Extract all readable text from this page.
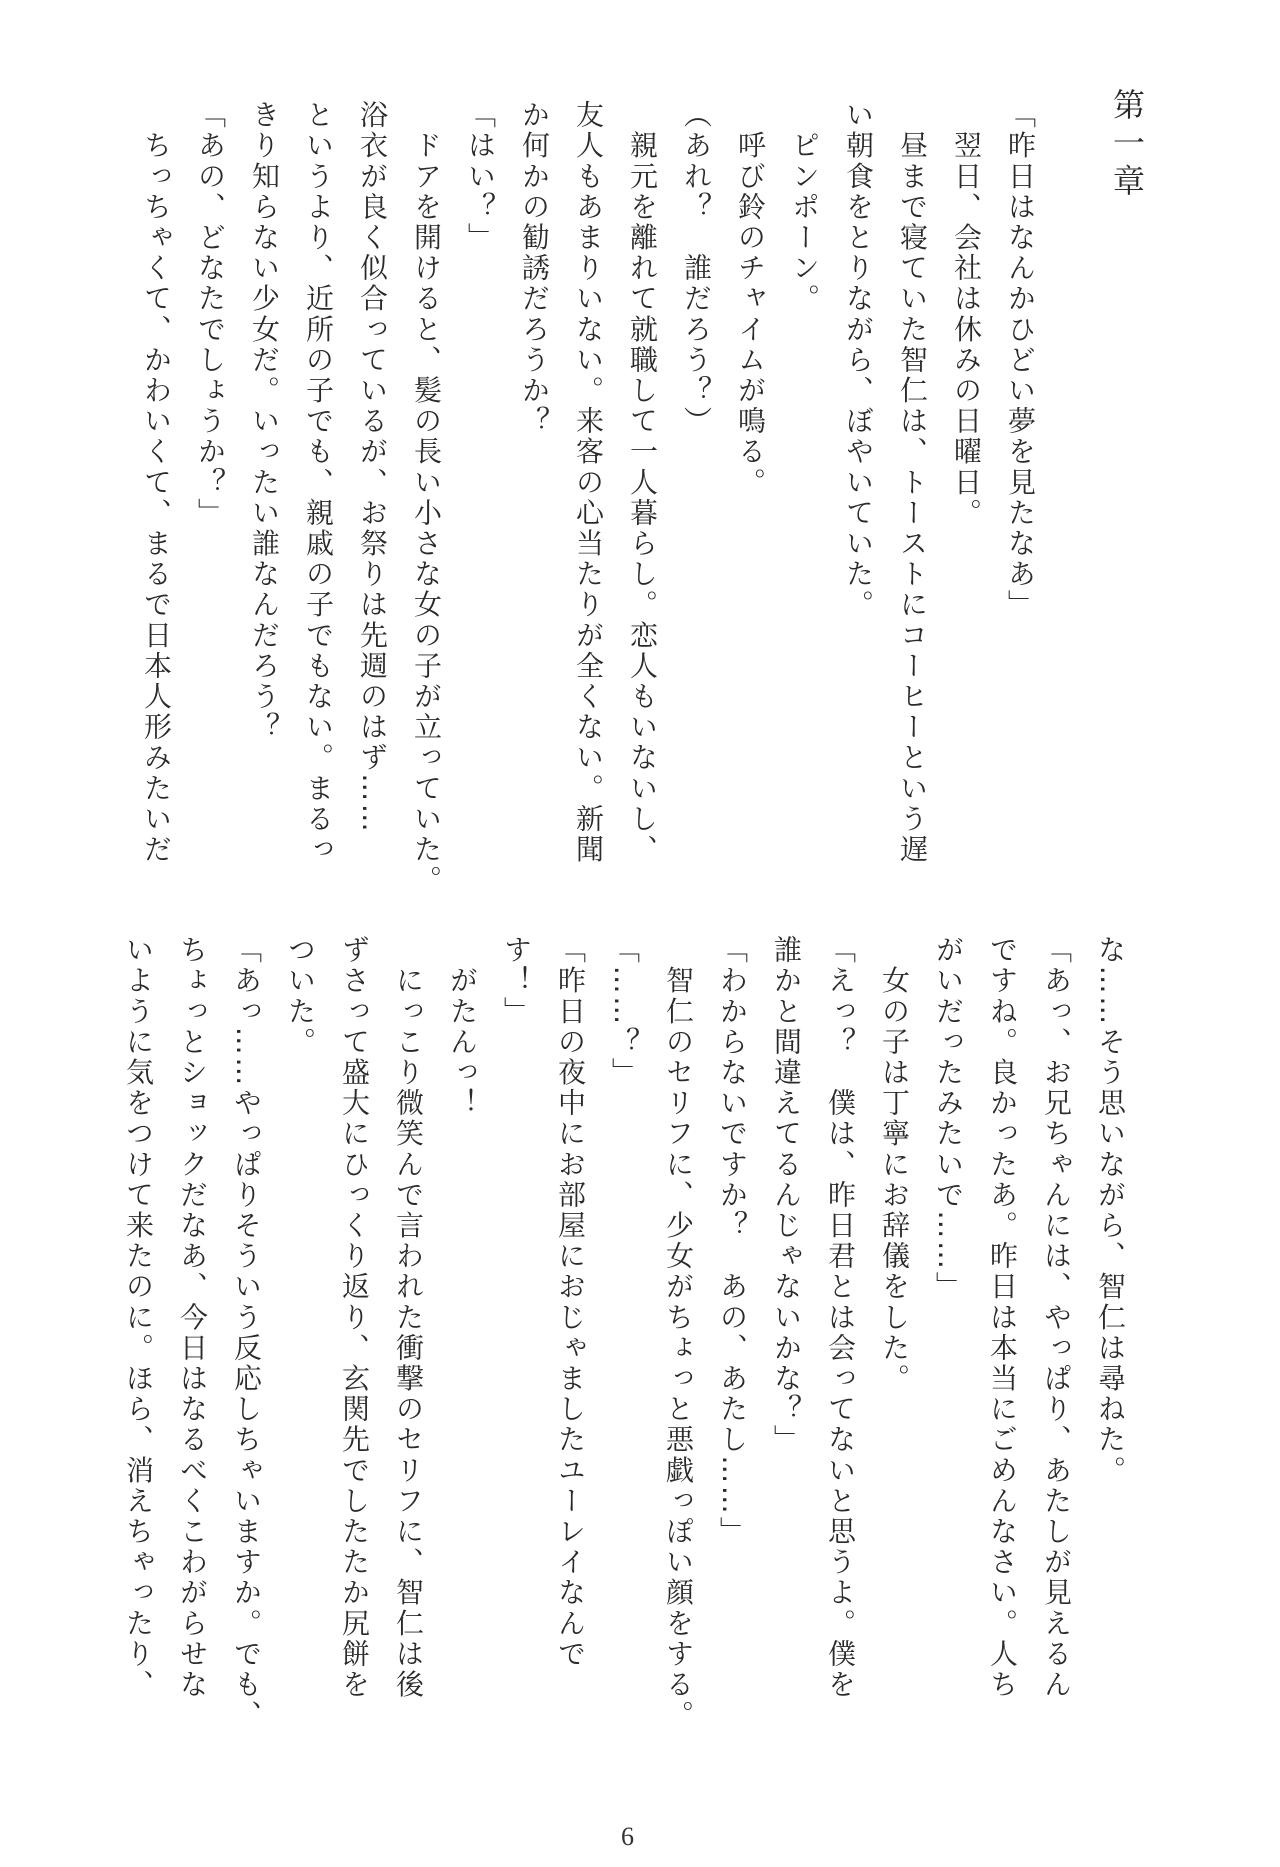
第一章

「昨日はなんかひどい夢を見たなあ」

　翌日、会社は休みの日曜日。

　昼まで寝ていた智仁は、トーストにコーヒーという遅

い朝食をとりながら、ぼやいていた。

　ピンポーン。

　呼び鈴のチャイムが鳴る。

（あれ？　誰だろう？）

　親元を離れて就職して一人暮らし。恋人もいないし、

友人もあまりいない。来客の心当たりが全くない。新聞

か何かの勧誘だろうか？

「はい？」

　ドアを開けると、髪の長い小さな女の子が立っていた。

浴衣が良く似合っているが、お祭りは先週のはず……

というより、近所の子でも、親戚の子でもない。まるっ

きり知らない少女だ。いったい誰なんだろう？

「あの、どなたでしょうか？」

　ちっちゃくて、かわいくて、まるで日本人形みたいだ

な……そう思いながら、智仁は尋ねた。

「あっ、お兄ちゃんには、やっぱり、あたしが見えるん

ですね。良かったあ。昨日は本当にごめんなさい。人ち

がいだったみたいで……」

　女の子は丁寧にお辞儀をした。

「えっ？　僕は、昨日君とは会ってないと思うよ。僕を

誰かと間違えてるんじゃないかな？」

「わからないですか？　あの、あたし……」

　智仁のセリフに、少女がちょっと悪戯っぽい顔をする。

「……？」

「昨日の夜中にお部屋におじゃましたユーレイなんで

す！」

　がたんっ！

　にっこり微笑んで言われた衝撃のセリフに、智仁は後

ずさって盛大にひっくり返り、玄関先でしたたか尻餅を

ついた。

「あっ……やっぱりそういう反応しちゃいますか。でも、

ちょっとショックだなあ、今日はなるべくこわがらせな

いように気をつけて来たのに。ほら、消えちゃったり、

6
